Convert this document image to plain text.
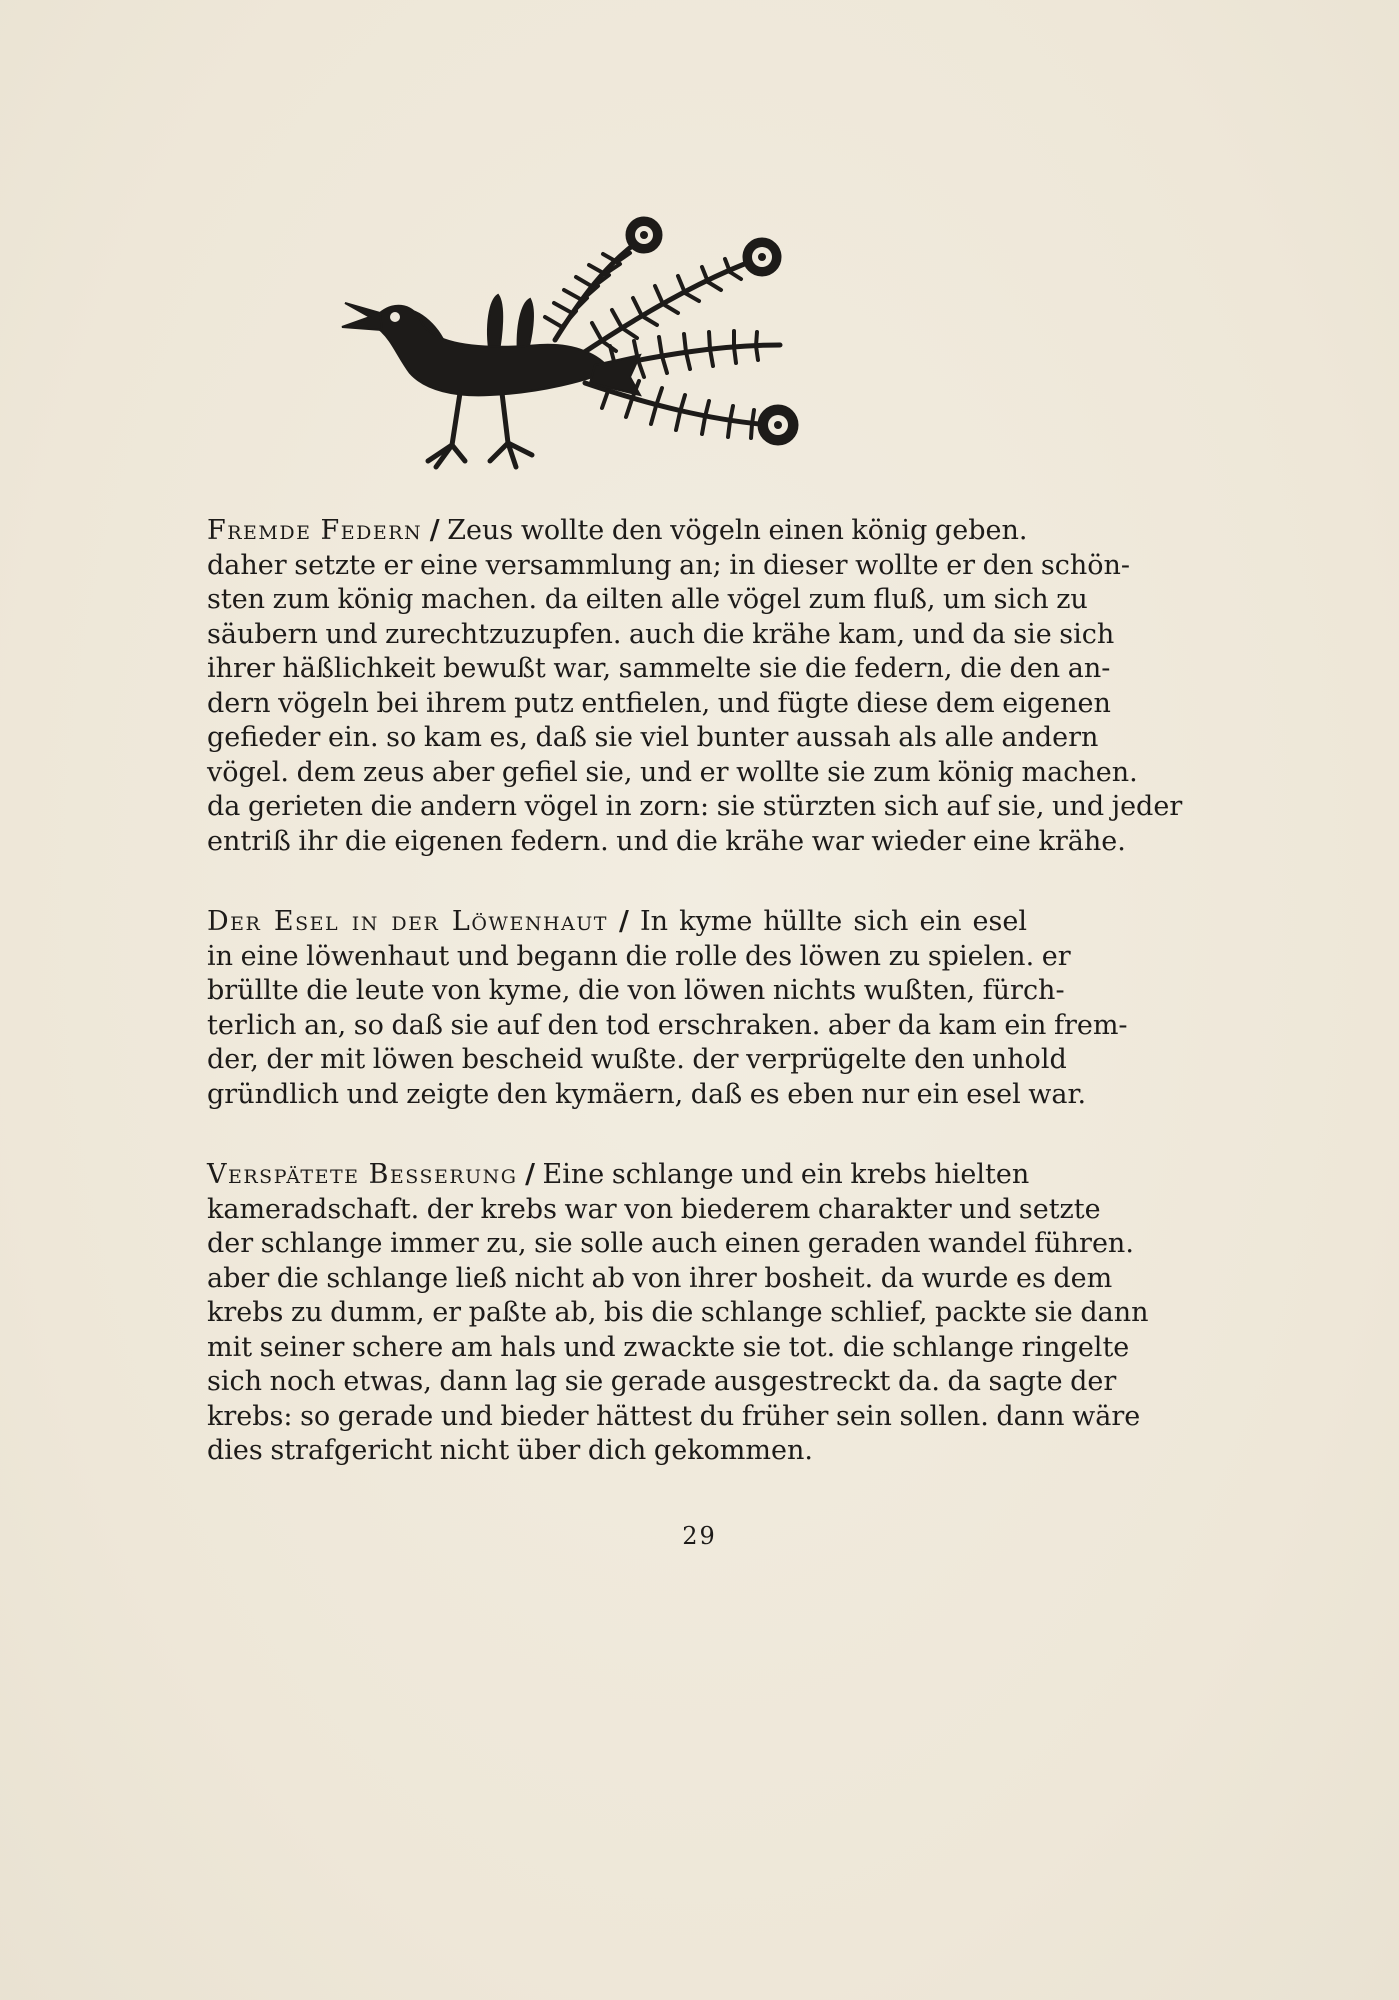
Fremde Federn / Zeus wollte den vögeln einen könig geben.
daher setzte er eine versammlung an; in dieser wollte er den schön-
sten zum könig machen. da eilten alle vögel zum fluß, um sich zu
säubern und zurechtzuzupfen. auch die krähe kam, und da sie sich
ihrer häßlichkeit bewußt war, sammelte sie die federn, die den an-
dern vögeln bei ihrem putz entfielen, und fügte diese dem eigenen
gefieder ein. so kam es, daß sie viel bunter aussah als alle andern
vögel. dem zeus aber gefiel sie, und er wollte sie zum könig machen.
da gerieten die andern vögel in zorn: sie stürzten sich auf sie, und jeder
entriß ihr die eigenen federn. und die krähe war wieder eine krähe.
Der Esel in der Löwenhaut / In kyme hüllte sich ein esel
in eine löwenhaut und begann die rolle des löwen zu spielen. er
brüllte die leute von kyme, die von löwen nichts wußten, fürch-
terlich an, so daß sie auf den tod erschraken. aber da kam ein frem-
der, der mit löwen bescheid wußte. der verprügelte den unhold
gründlich und zeigte den kymäern, daß es eben nur ein esel war.
Verspätete Besserung / Eine schlange und ein krebs hielten
kameradschaft. der krebs war von biederem charakter und setzte
der schlange immer zu, sie solle auch einen geraden wandel führen.
aber die schlange ließ nicht ab von ihrer bosheit. da wurde es dem
krebs zu dumm, er paßte ab, bis die schlange schlief, packte sie dann
mit seiner schere am hals und zwackte sie tot. die schlange ringelte
sich noch etwas, dann lag sie gerade ausgestreckt da. da sagte der
krebs: so gerade und bieder hättest du früher sein sollen. dann wäre
dies strafgericht nicht über dich gekommen.
29
